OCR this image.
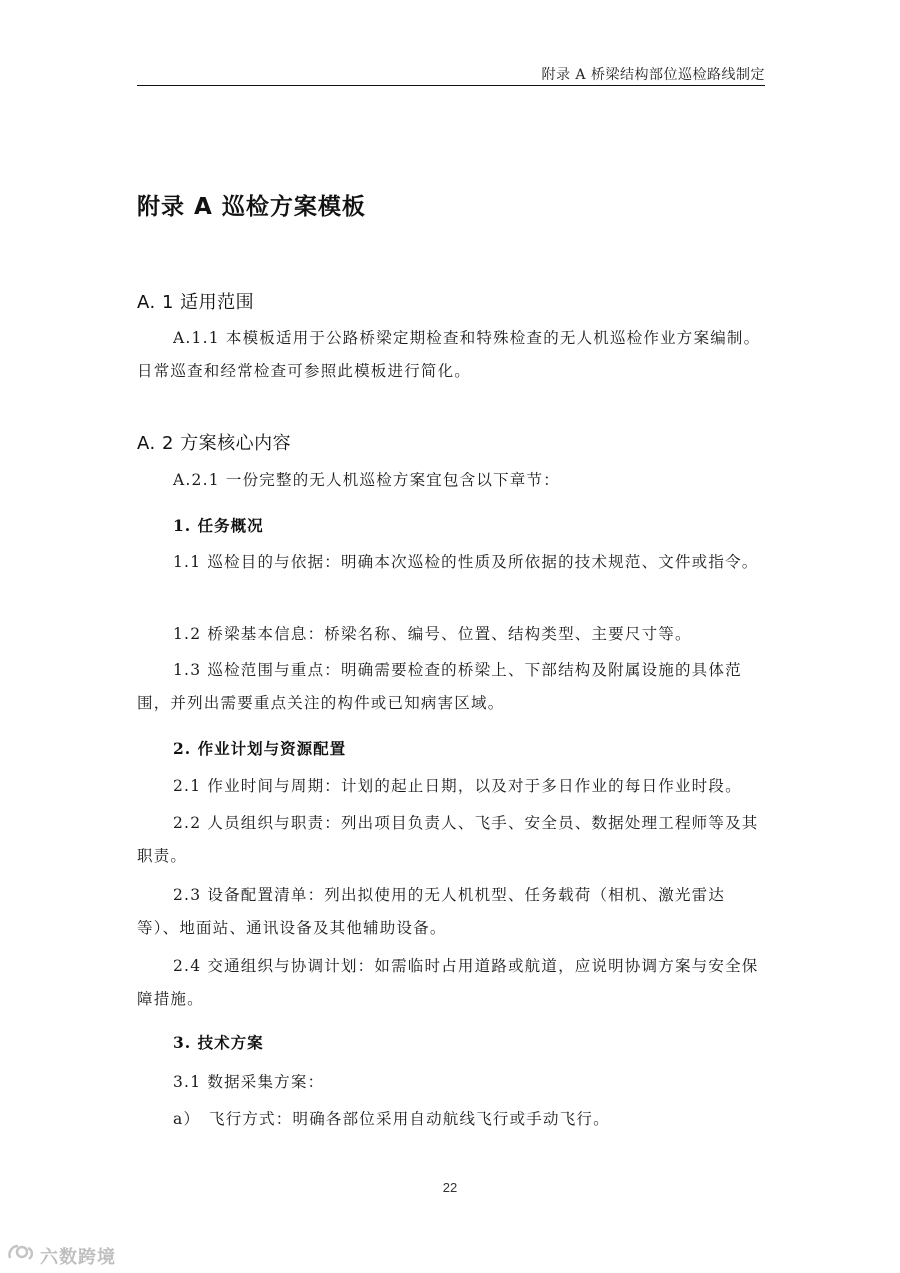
附录 A 桥梁结构部位巡检路线制定
附录 A 巡检方案模板
A. 1 适用范围

A.1.1 本模板适用于公路桥梁定期检查和特殊检查的无人机巡检作业方案编制。日常巡查和经常检查可参照此模板进行简化。

A. 2 方案核心内容

A.2.1 一份完整的无人机巡检方案宜包含以下章节：

1. 任务概况

1.1 巡检目的与依据：明确本次巡检的性质及所依据的技术规范、文件或指令。

1.2 桥梁基本信息：桥梁名称、编号、位置、结构类型、主要尺寸等。

1.3 巡检范围与重点：明确需要检查的桥梁上、下部结构及附属设施的具体范围，并列出需要重点关注的构件或已知病害区域。

2. 作业计划与资源配置

2.1 作业时间与周期：计划的起止日期，以及对于多日作业的每日作业时段。

2.2 人员组织与职责：列出项目负责人、飞手、安全员、数据处理工程师等及其职责。

2.3 设备配置清单：列出拟使用的无人机机型、任务载荷（相机、激光雷达等）、地面站、通讯设备及其他辅助设备。

2.4 交通组织与协调计划：如需临时占用道路或航道，应说明协调方案与安全保障措施。

3. 技术方案

3.1 数据采集方案：

a） 飞行方式：明确各部位采用自动航线飞行或手动飞行。
22
六数跨境
